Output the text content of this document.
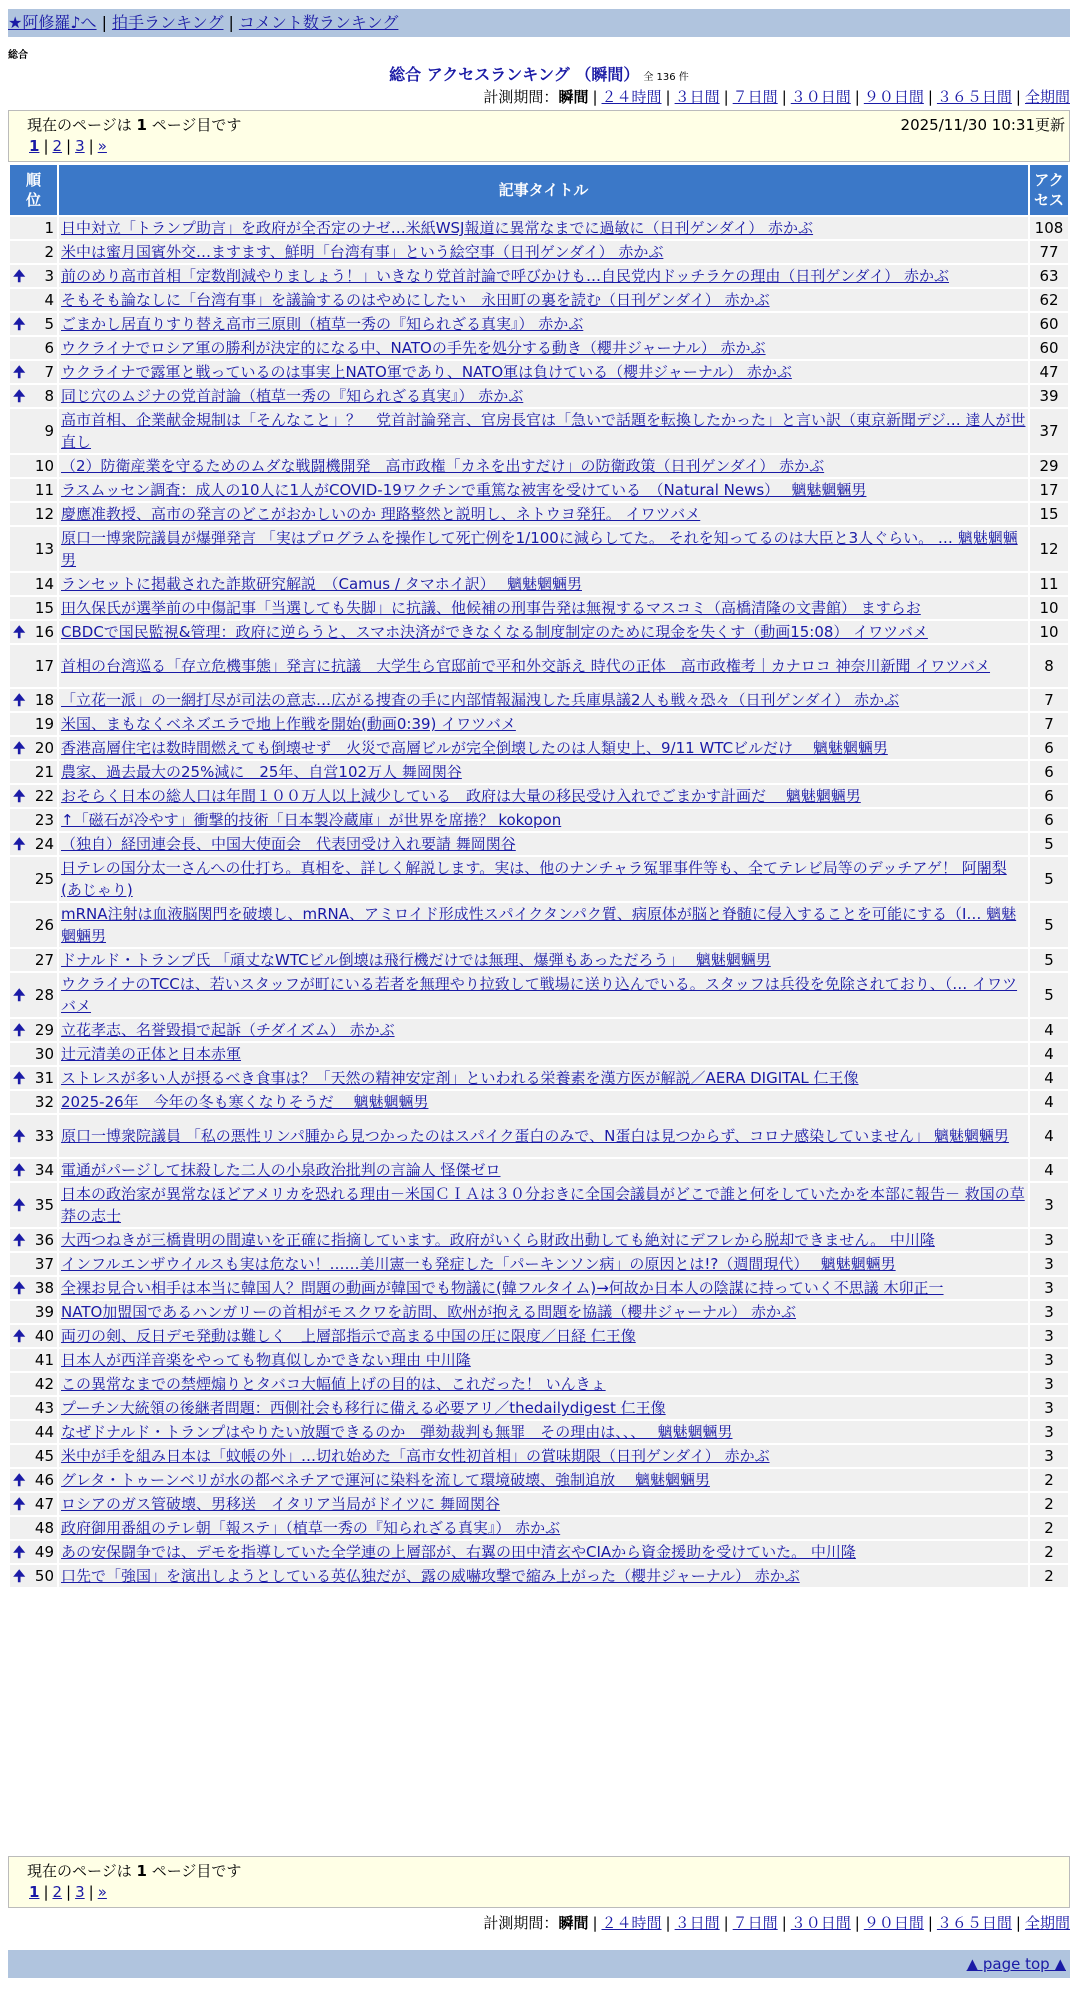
★阿修羅♪へ | 拍手ランキング | コメント数ランキング
総合
総合 アクセスランキング （瞬間） 全 136 件
計測期間：瞬間 | ２４時間 | ３日間 | ７日間 | ３０日間 | ９０日間 | ３６５日間 | 全期間
現在のページは 1 ページ目です	2025/11/30 10:31更新
1 | 2 | 3 | »
順
位	記事タイトル	アク
セス
1	日中対立「トランプ助言」を政府が全否定のナゼ…米紙WSJ報道に異常なまでに過敏に（日刊ゲンダイ） 赤かぶ	108
2	米中は蜜月国賓外交…ますます、鮮明「台湾有事」という絵空事（日刊ゲンダイ） 赤かぶ	77

🠉 3	前のめり高市首相「定数削減やりましょう！」いきなり党首討論で呼びかけも…自民党内ドッチラケの理由（日刊ゲンダイ） 赤かぶ	63
4	そもそも論なしに「台湾有事」を議論するのはやめにしたい　永田町の裏を読む（日刊ゲンダイ） 赤かぶ	62

🠉 5	ごまかし居直りすり替え高市三原則（植草一秀の『知られざる真実』） 赤かぶ	60
6	ウクライナでロシア軍の勝利が決定的になる中、NATOの手先を処分する動き（櫻井ジャーナル） 赤かぶ	60

🠉 7	ウクライナで露軍と戦っているのは事実上NATO軍であり、NATO軍は負けている（櫻井ジャーナル） 赤かぶ	47

🠉 8	同じ穴のムジナの党首討論（植草一秀の『知られざる真実』） 赤かぶ	39
9	高市首相、企業献金規制は「そんなこと」？　党首討論発言、官房長官は「急いで話題を転換したかった」と言い訳（東京新聞デジ… 達人が世直し	37
10	（2）防衛産業を守るためのムダな戦闘機開発　高市政権「カネを出すだけ」の防衛政策（日刊ゲンダイ） 赤かぶ	29
11	ラスムッセン調査：成人の10人に1人がCOVID-19ワクチンで重篤な被害を受けている　（Natural News）　 魑魅魍魎男	17
12	慶應准教授、高市の発言のどこがおかしいのか 理路整然と説明し、ネトウヨ発狂。 イワツバメ	15
13	原口一博衆院議員が爆弾発言 「実はプログラムを操作して死亡例を1/100に減らしてた。 それを知ってるのは大臣と3人ぐらい。 … 魑魅魍魎男	12
14	ランセットに掲載された詐欺研究解説　（Camus / タマホイ訳）　 魑魅魍魎男	11
15	田久保氏が選挙前の中傷記事「当選しても失脚」に抗議、他候補の刑事告発は無視するマスコミ（高橋清隆の文書館） ますらお	10

🠉 16	CBDCで国民監視&管理：政府に逆らうと、スマホ決済ができなくなる制度制定のために現金を失くす（動画15:08） イワツバメ	10
17	首相の台湾巡る「存立危機事態」発言に抗議　大学生ら官邸前で平和外交訴え 時代の正体　高市政権考｜カナロコ 神奈川新聞 イワツバメ	8

🠉 18	「立花一派」の一網打尽が司法の意志…広がる捜査の手に内部情報漏洩した兵庫県議2人も戦々恐々（日刊ゲンダイ） 赤かぶ	7
19	米国、まもなくベネズエラで地上作戦を開始(動画0:39) イワツバメ	7

🠉 20	香港高層住宅は数時間燃えても倒壊せず　火災で高層ビルが完全倒壊したのは人類史上、9/11 WTCビルだけ　 魑魅魍魎男	6
21	農家、過去最大の25%減に　25年、自営102万人 舞岡関谷	6

🠉 22	おそらく日本の総人口は年間１００万人以上減少している　政府は大量の移民受け入れでごまかす計画だ　 魑魅魍魎男	6
23	↑「磁石が冷やす」衝撃的技術「日本製冷蔵庫」が世界を席捲？ kokopon	6

🠉 24	（独自）経団連会長、中国大使面会　代表団受け入れ要請 舞岡関谷	5
25	日テレの国分太一さんへの仕打ち。真相を、詳しく解説します。実は、他のナンチャラ冤罪事件等も、全てテレビ局等のデッチアゲ！ 阿闍梨(あじゃり)	5
26	mRNA注射は血液脳関門を破壊し、mRNA、アミロイド形成性スパイクタンパク質、病原体が脳と脊髄に侵入することを可能にする（I… 魑魅魍魎男	5
27	ドナルド・トランプ氏 「頑丈なWTCビル倒壊は飛行機だけでは無理、爆弾もあっただろう」　 魑魅魍魎男	5

🠉 28	ウクライナのTCCは、若いスタッフが町にいる若者を無理やり拉致して戦場に送り込んでいる。スタッフは兵役を免除されており、（… イワツバメ	5

🠉 29	立花孝志、名誉毀損で起訴（チダイズム） 赤かぶ	4
30	辻元清美の正体と日本赤軍	4

🠉 31	ストレスが多い人が摂るべき食事は？「天然の精神安定剤」といわれる栄養素を漢方医が解説／AERA DIGITAL 仁王像	4
32	2025-26年　今年の冬も寒くなりそうだ　 魑魅魍魎男	4

🠉 33	原口一博衆院議員 「私の悪性リンパ腫から見つかったのはスパイク蛋白のみで、N蛋白は見つからず、コロナ感染していません」 魑魅魍魎男	4

🠉 34	電通がパージして抹殺した二人の小泉政治批判の言論人 怪傑ゼロ	4

🠉 35	日本の政治家が異常なほどアメリカを恐れる理由－米国ＣＩＡは３０分おきに全国会議員がどこで誰と何をしていたかを本部に報告－ 救国の草莽の志士	3

🠉 36	大西つねきが三橋貴明の間違いを正確に指摘しています。政府がいくら財政出動しても絶対にデフレから脱却できません。 中川隆	3
37	インフルエンザウイルスも実は危ない！……美川憲一も発症した「パーキンソン病」の原因とは!?（週間現代）　 魑魅魍魎男	3

🠉 38	全裸お見合い相手は本当に韓国人？問題の動画が韓国でも物議に(韓フルタイム)→何故か日本人の陰謀に持っていく不思議 木卯正一	3
39	NATO加盟国であるハンガリーの首相がモスクワを訪問、欧州が抱える問題を協議（櫻井ジャーナル） 赤かぶ	3

🠉 40	両刃の剣、反日デモ発動は難しく　上層部指示で高まる中国の圧に限度／日経 仁王像	3
41	日本人が西洋音楽をやっても物真似しかできない理由 中川隆	3
42	この異常なまでの禁煙煽りとタバコ大幅値上げの目的は、これだった！ いんきょ	3
43	プーチン大統領の後継者問題：西側社会も移行に備える必要アリ／thedailydigest 仁王像	3
44	なぜドナルド・トランプはやりたい放題できるのか　弾劾裁判も無罪　その理由は、、、　 魑魅魍魎男	3
45	米中が手を組み日本は「蚊帳の外」…切れ始めた「高市女性初首相」の賞味期限（日刊ゲンダイ） 赤かぶ	3

🠉 46	グレタ・トゥーンベリが水の都ベネチアで運河に染料を流して環境破壊、強制追放　 魑魅魍魎男	2

🠉 47	ロシアのガス管破壊、男移送　イタリア当局がドイツに 舞岡関谷	2
48	政府御用番組のテレ朝「報ステ」（植草一秀の『知られざる真実』） 赤かぶ	2

🠉 49	あの安保闘争では、デモを指導していた全学連の上層部が、右翼の田中清玄やCIAから資金援助を受けていた。 中川隆	2

🠉 50	口先で「強国」を演出しようとしている英仏独だが、露の威嚇攻撃で縮み上がった（櫻井ジャーナル） 赤かぶ	2
現在のページは 1 ページ目です
1 | 2 | 3 | »
計測期間：瞬間 | ２４時間 | ３日間 | ７日間 | ３０日間 | ９０日間 | ３６５日間 | 全期間
▲ page top ▲
